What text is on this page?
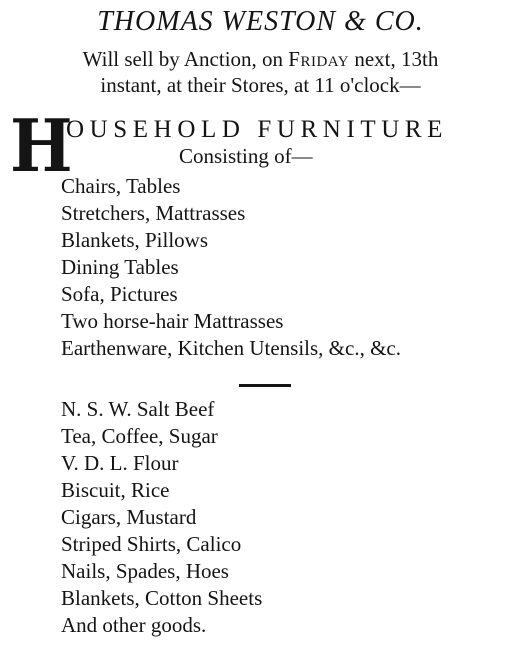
THOMAS WESTON & CO.
Will sell by Anction, on Friday next, 13th
instant, at their Stores, at 11 o'clock—
H
OUSEHOLD FURNITURE
Consisting of—
Chairs, Tables
Stretchers, Mattrasses
Blankets, Pillows
Dining Tables
Sofa, Pictures
Two horse-hair Mattrasses
Earthenware, Kitchen Utensils, &c., &c.
N. S. W. Salt Beef
Tea, Coffee, Sugar
V. D. L. Flour
Biscuit, Rice
Cigars, Mustard
Striped Shirts, Calico
Nails, Spades, Hoes
Blankets, Cotton Sheets
And other goods.
